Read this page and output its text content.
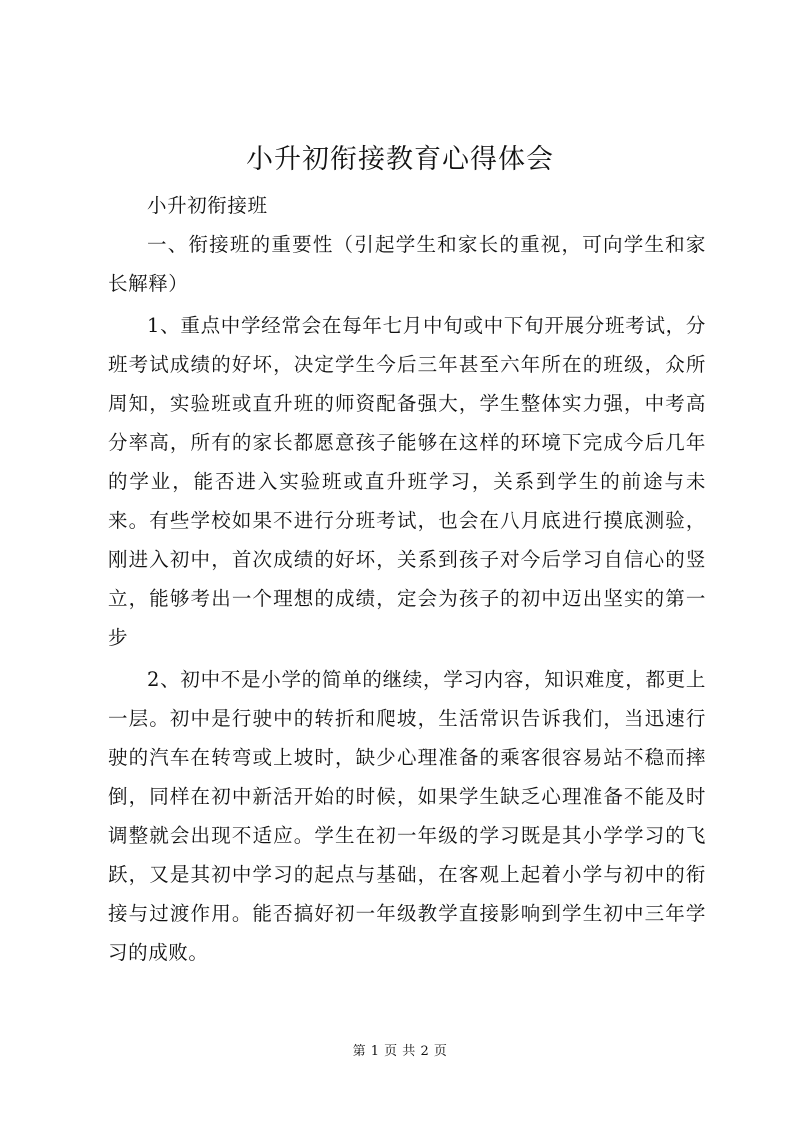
小升初衔接教育心得体会

小升初衔接班

一、衔接班的重要性（引起学生和家长的重视，可向学生和家长解释）

1、重点中学经常会在每年七月中旬或中下旬开展分班考试，分班考试成绩的好坏，决定学生今后三年甚至六年所在的班级，众所周知，实验班或直升班的师资配备强大，学生整体实力强，中考高分率高，所有的家长都愿意孩子能够在这样的环境下完成今后几年的学业，能否进入实验班或直升班学习，关系到学生的前途与未来。有些学校如果不进行分班考试，也会在八月底进行摸底测验，刚进入初中，首次成绩的好坏，关系到孩子对今后学习自信心的竖立，能够考出一个理想的成绩，定会为孩子的初中迈出坚实的第一步

2、初中不是小学的简单的继续，学习内容，知识难度，都更上一层。初中是行驶中的转折和爬坡，生活常识告诉我们，当迅速行驶的汽车在转弯或上坡时，缺少心理准备的乘客很容易站不稳而摔倒，同样在初中新活开始的时候，如果学生缺乏心理准备不能及时调整就会出现不适应。学生在初一年级的学习既是其小学学习的飞跃，又是其初中学习的起点与基础，在客观上起着小学与初中的衔接与过渡作用。能否搞好初一年级教学直接影响到学生初中三年学习的成败。

第 1 页 共 2 页
